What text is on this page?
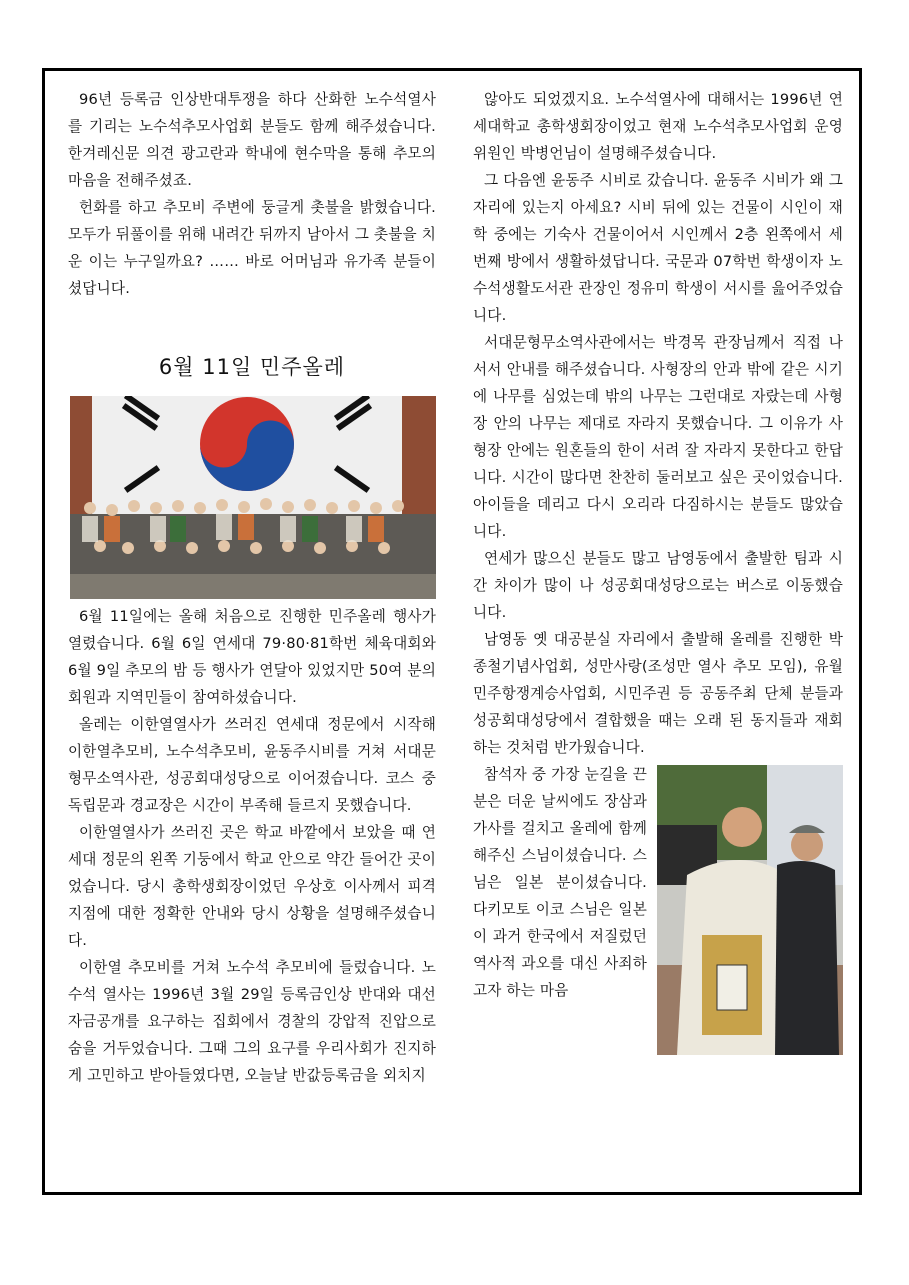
96년 등록금 인상반대투쟁을 하다 산화한 노수석열사를 기리는 노수석추모사업회 분들도 함께 해주셨습니다. 한겨레신문 의견 광고란과 학내에 현수막을 통해 추모의 마음을 전해주셨죠.

헌화를 하고 추모비 주변에 둥글게 촛불을 밝혔습니다. 모두가 뒤풀이를 위해 내려간 뒤까지 남아서 그 촛불을 치운 이는 누구일까요? …… 바로 어머님과 유가족 분들이셨답니다.

6월 11일 민주올레

6월 11일에는 올해 처음으로 진행한 민주올레 행사가 열렸습니다. 6월 6일 연세대 79·80·81학번 체육대회와 6월 9일 추모의 밤 등 행사가 연달아 있었지만 50여 분의 회원과 지역민들이 참여하셨습니다.

올레는 이한열열사가 쓰러진 연세대 정문에서 시작해 이한열추모비, 노수석추모비, 윤동주시비를 거쳐 서대문형무소역사관, 성공회대성당으로 이어졌습니다. 코스 중 독립문과 경교장은 시간이 부족해 들르지 못했습니다.

이한열열사가 쓰러진 곳은 학교 바깥에서 보았을 때 연세대 정문의 왼쪽 기둥에서 학교 안으로 약간 들어간 곳이었습니다. 당시 총학생회장이었던 우상호 이사께서 피격지점에 대한 정확한 안내와 당시 상황을 설명해주셨습니다.

이한열 추모비를 거쳐 노수석 추모비에 들렀습니다. 노수석 열사는 1996년 3월 29일 등록금인상 반대와 대선자금공개를 요구하는 집회에서 경찰의 강압적 진압으로 숨을 거두었습니다. 그때 그의 요구를 우리사회가 진지하게 고민하고 받아들였다면, 오늘날 반값등록금을 외치지

않아도 되었겠지요. 노수석열사에 대해서는 1996년 연세대학교 총학생회장이었고 현재 노수석추모사업회 운영위원인 박병언님이 설명해주셨습니다.

그 다음엔 윤동주 시비로 갔습니다. 윤동주 시비가 왜 그 자리에 있는지 아세요? 시비 뒤에 있는 건물이 시인이 재학 중에는 기숙사 건물이어서 시인께서 2층 왼쪽에서 세 번째 방에서 생활하셨답니다. 국문과 07학번 학생이자 노수석생활도서관 관장인 정유미 학생이 서시를 읊어주었습니다.

서대문형무소역사관에서는 박경목 관장님께서 직접 나서서 안내를 해주셨습니다. 사형장의 안과 밖에 같은 시기에 나무를 심었는데 밖의 나무는 그런대로 자랐는데 사형장 안의 나무는 제대로 자라지 못했습니다. 그 이유가 사형장 안에는 원혼들의 한이 서려 잘 자라지 못한다고 한답니다. 시간이 많다면 찬찬히 둘러보고 싶은 곳이었습니다. 아이들을 데리고 다시 오리라 다짐하시는 분들도 많았습니다.

연세가 많으신 분들도 많고 남영동에서 출발한 팀과 시간 차이가 많이 나 성공회대성당으로는 버스로 이동했습니다.

남영동 옛 대공분실 자리에서 출발해 올레를 진행한 박종철기념사업회, 성만사랑(조성만 열사 추모 모임), 유월민주항쟁계승사업회, 시민주권 등 공동주최 단체 분들과 성공회대성당에서 결합했을 때는 오래 된 동지들과 재회하는 것처럼 반가웠습니다.

참석자 중 가장 눈길을 끈 분은 더운 날씨에도 장삼과 가사를 걸치고 올레에 함께 해주신 스님이셨습니다. 스님은 일본 분이셨습니다. 다키모토 이코 스님은 일본이 과거 한국에서 저질렀던 역사적 과오를 대신 사죄하고자 하는 마음
